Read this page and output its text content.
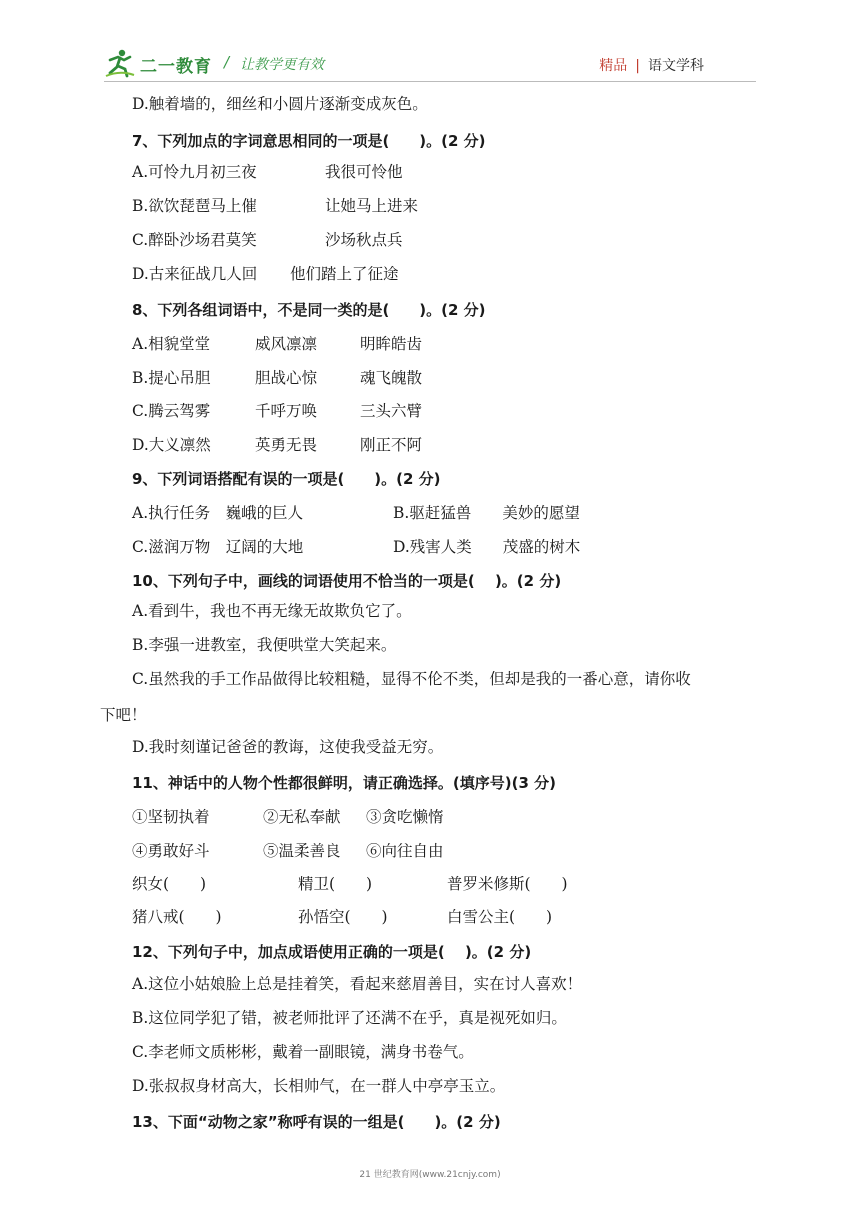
二一教育 / 让教学更有效	精品 | 语文学科
D.触着墙的，细丝和小圆片逐渐变成灰色。
7、下列加点的字词意思相同的一项是(　　)。(2 分)
A.可怜九月初三夜	我很可怜他
B.欲饮琵琶马上催	让她马上进来
C.醉卧沙场君莫笑	沙场秋点兵
D.古来征战几人回 他们踏上了征途
8、下列各组词语中，不是同一类的是(　　)。(2 分)
A.相貌堂堂	威风凛凛	明眸皓齿
B.提心吊胆	胆战心惊	魂飞魄散
C.腾云驾雾	千呼万唤	三头六臂
D.大义凛然	英勇无畏	刚正不阿
9、下列词语搭配有误的一项是(　　)。(2 分)
A.执行任务　巍峨的巨人	B.驱赶猛兽　　美妙的愿望
C.滋润万物　辽阔的大地	D.残害人类　　茂盛的树木
10、下列句子中，画线的词语使用不恰当的一项是(　 )。(2 分)
A.看到牛，我也不再无缘无故欺负它了。
B.李强一进教室，我便哄堂大笑起来。
C.虽然我的手工作品做得比较粗糙，显得不伦不类，但却是我的一番心意，请你收
下吧！
D.我时刻谨记爸爸的教诲，这使我受益无穷。
11、神话中的人物个性都很鲜明，请正确选择。(填序号)(3 分)
①坚韧执着	②无私奉献 ③贪吃懒惰
④勇敢好斗	⑤温柔善良 ⑥向往自由
织女(　　)	精卫(　　)	普罗米修斯(　　)
猪八戒(　　)	孙悟空(　　)	白雪公主(　　)
12、下列句子中，加点成语使用正确的一项是(　 )。(2 分)
A.这位小姑娘脸上总是挂着笑，看起来慈眉善目，实在讨人喜欢！
B.这位同学犯了错，被老师批评了还满不在乎，真是视死如归。
C.李老师文质彬彬，戴着一副眼镜，满身书卷气。
D.张叔叔身材高大，长相帅气，在一群人中亭亭玉立。
13、下面“动物之家”称呼有误的一组是(　　)。(2 分)
21 世纪教育网(www.21cnjy.com)
